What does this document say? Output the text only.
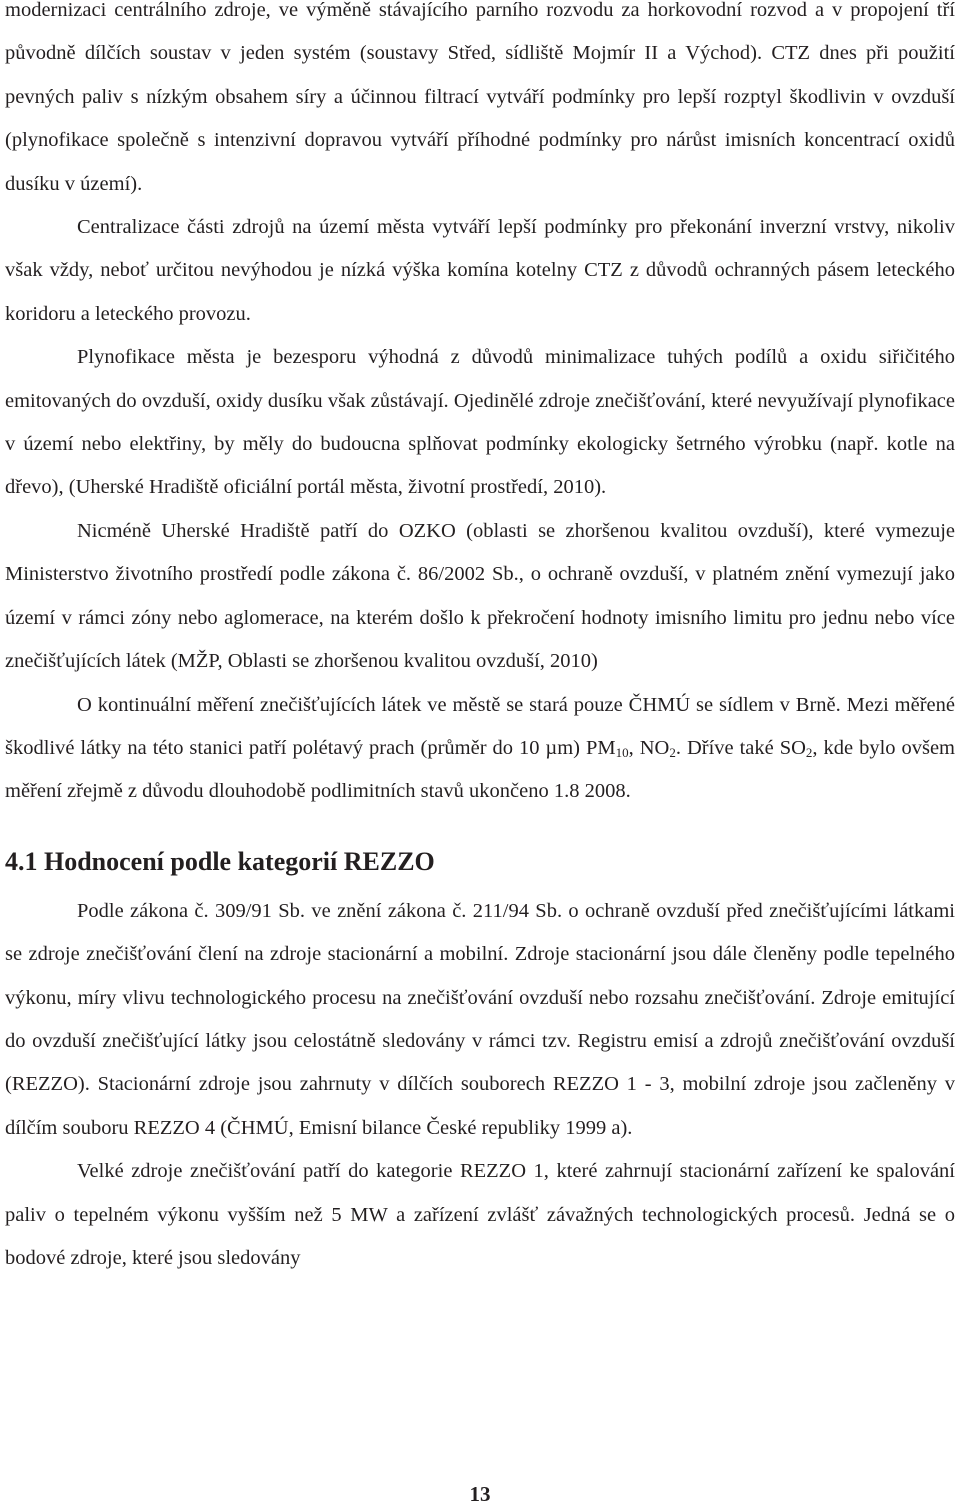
modernizaci centrálního zdroje, ve výměně stávajícího parního rozvodu za horkovodní rozvod a v propojení tří původně dílčích soustav v jeden systém (soustavy Střed, sídliště Mojmír II a Východ). CTZ dnes při použití pevných paliv s nízkým obsahem síry a účinnou filtrací vytváří podmínky pro lepší rozptyl škodlivin v ovzduší (plynofikace společně s intenzivní dopravou vytváří příhodné podmínky pro nárůst imisních koncentrací oxidů dusíku v území).

Centralizace části zdrojů na území města vytváří lepší podmínky pro překonání inverzní vrstvy, nikoliv však vždy, neboť určitou nevýhodou je nízká výška komína kotelny CTZ z důvodů ochranných pásem leteckého koridoru a leteckého provozu.

Plynofikace města je bezesporu výhodná z důvodů minimalizace tuhých podílů a oxidu siřičitého emitovaných do ovzduší, oxidy dusíku však zůstávají. Ojedinělé zdroje znečišťování, které nevyužívají plynofikace v území nebo elektřiny, by měly do budoucna splňovat podmínky ekologicky šetrného výrobku (např. kotle na dřevo), (Uherské Hradiště oficiální portál města, životní prostředí, 2010).

Nicméně Uherské Hradiště patří do OZKO (oblasti se zhoršenou kvalitou ovzduší), které vymezuje Ministerstvo životního prostředí podle zákona č. 86/2002 Sb., o ochraně ovzduší, v platném znění vymezují jako území v rámci zóny nebo aglomerace, na kterém došlo k překročení hodnoty imisního limitu pro jednu nebo více znečišťujících látek (MŽP, Oblasti se zhoršenou kvalitou ovzduší, 2010)

O kontinuální měření znečišťujících látek ve městě se stará pouze ČHMÚ se sídlem v Brně. Mezi měřené škodlivé látky na této stanici patří polétavý prach (průměr do 10 µm) $PM_{10}$, $NO_2$. Dříve také $SO_2$, kde bylo ovšem měření zřejmě z důvodu dlouhodobě podlimitních stavů ukončeno 1.8 2008.

4.1 Hodnocení podle kategorií REZZO

Podle zákona č. 309/91 Sb. ve znění zákona č. 211/94 Sb. o ochraně ovzduší před znečišťujícími látkami se zdroje znečišťování člení na zdroje stacionární a mobilní. Zdroje stacionární jsou dále členěny podle tepelného výkonu, míry vlivu technologického procesu na znečišťování ovzduší nebo rozsahu znečišťování. Zdroje emitující do ovzduší znečišťující látky jsou celostátně sledovány v rámci tzv. Registru emisí a zdrojů znečišťování ovzduší (REZZO). Stacionární zdroje jsou zahrnuty v dílčích souborech REZZO 1 - 3, mobilní zdroje jsou začleněny v dílčím souboru REZZO 4 (ČHMÚ, Emisní bilance České republiky 1999 a).

Velké zdroje znečišťování patří do kategorie REZZO 1, které zahrnují stacionární zařízení ke spalování paliv o tepelném výkonu vyšším než 5 MW a zařízení zvlášť závažných technologických procesů. Jedná se o bodové zdroje, které jsou sledovány

13
